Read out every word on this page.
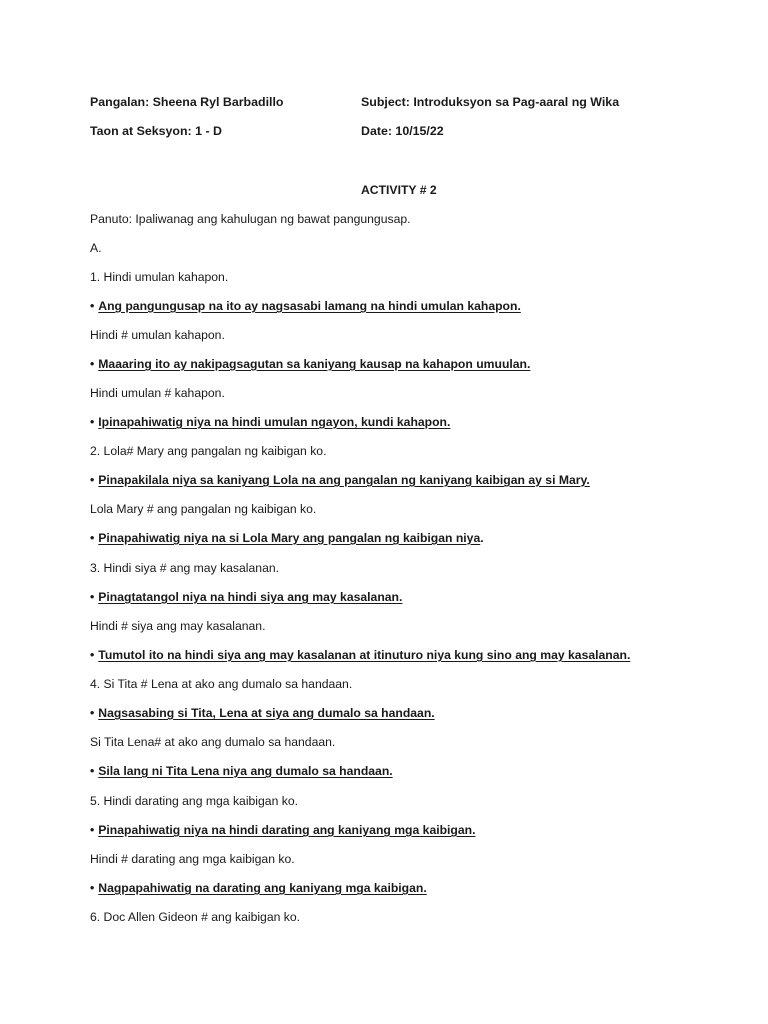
Pangalan: Sheena Ryl Barbadillo	Subject: Introduksyon sa Pag-aaral ng Wika
Taon at Seksyon: 1 - D	Date: 10/15/22
ACTIVITY # 2
Panuto: Ipaliwanag ang kahulugan ng bawat pangungusap.
A.
1. Hindi umulan kahapon.
• Ang pangungusap na ito ay nagsasabi lamang na hindi umulan kahapon.
Hindi # umulan kahapon.
• Maaaring ito ay nakipagsagutan sa kaniyang kausap na kahapon umuulan.
Hindi umulan # kahapon.
• Ipinapahiwatig niya na hindi umulan ngayon, kundi kahapon.
2. Lola# Mary ang pangalan ng kaibigan ko.
• Pinapakilala niya sa kaniyang Lola na ang pangalan ng kaniyang kaibigan ay si Mary.
Lola Mary # ang pangalan ng kaibigan ko.
• Pinapahiwatig niya na si Lola Mary ang pangalan ng kaibigan niya.
3. Hindi siya # ang may kasalanan.
• Pinagtatangol niya na hindi siya ang may kasalanan.
Hindi # siya ang may kasalanan.
• Tumutol ito na hindi siya ang may kasalanan at itinuturo niya kung sino ang may kasalanan.
4. Si Tita # Lena at ako ang dumalo sa handaan.
• Nagsasabing si Tita, Lena at siya ang dumalo sa handaan.
Si Tita Lena# at ako ang dumalo sa handaan.
• Sila lang ni Tita Lena niya ang dumalo sa handaan.
5. Hindi darating ang mga kaibigan ko.
• Pinapahiwatig niya na hindi darating ang kaniyang mga kaibigan.
Hindi # darating ang mga kaibigan ko.
• Nagpapahiwatig na darating ang kaniyang mga kaibigan.
6. Doc Allen Gideon # ang kaibigan ko.
